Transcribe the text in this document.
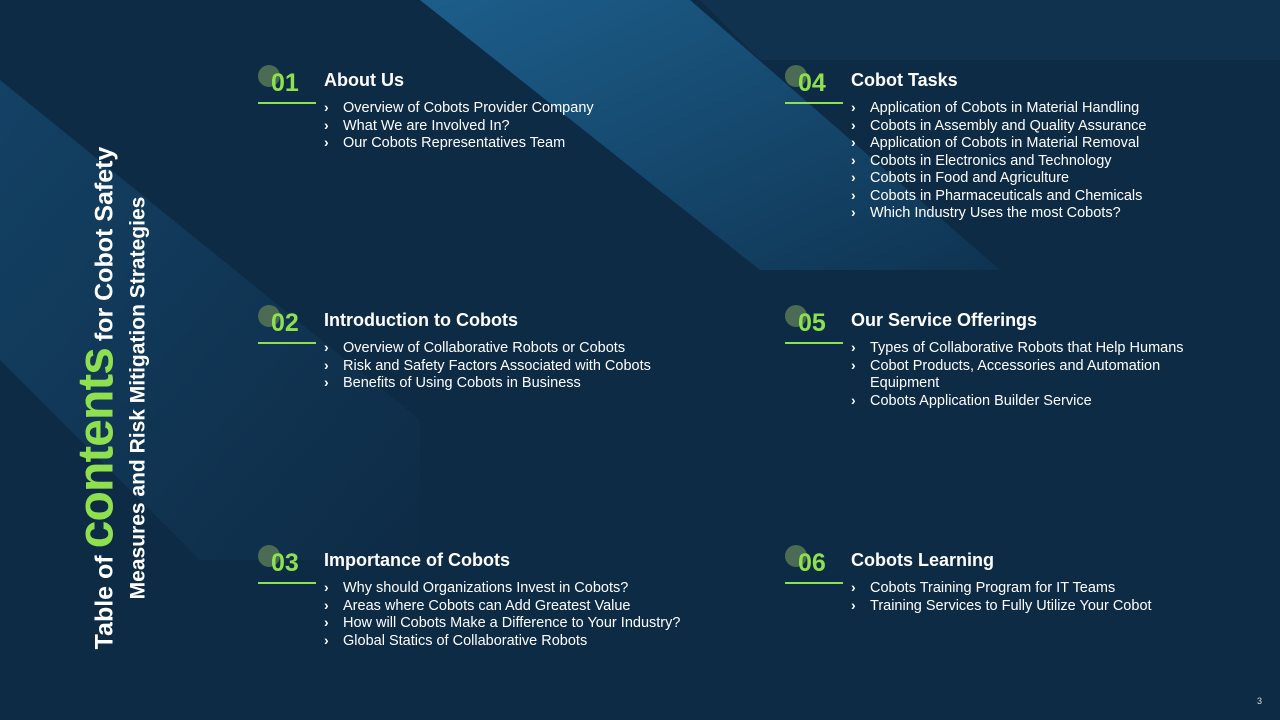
Table of contents for Cobot Safety Measures and Risk Mitigation Strategies
01 About Us
› Overview of Cobots Provider Company
› What We are Involved In?
› Our Cobots Representatives Team
02 Introduction to Cobots
› Overview of Collaborative Robots or Cobots
› Risk and Safety Factors Associated with Cobots
› Benefits of Using Cobots in Business
03 Importance of Cobots
› Why should Organizations Invest in Cobots?
› Areas where Cobots can Add Greatest Value
› How will Cobots Make a Difference to Your Industry?
› Global Statics of Collaborative Robots
04 Cobot Tasks
› Application of Cobots in Material Handling
› Cobots in Assembly and Quality Assurance
› Application of Cobots in Material Removal
› Cobots in Electronics and Technology
› Cobots in Food and Agriculture
› Cobots in Pharmaceuticals and Chemicals
› Which Industry Uses the most Cobots?
05 Our Service Offerings
› Types of Collaborative Robots that Help Humans
› Cobot Products, Accessories and Automation
Equipment
› Cobots Application Builder Service
06 Cobots Learning
› Cobots Training Program for IT Teams
› Training Services to Fully Utilize Your Cobot
3
